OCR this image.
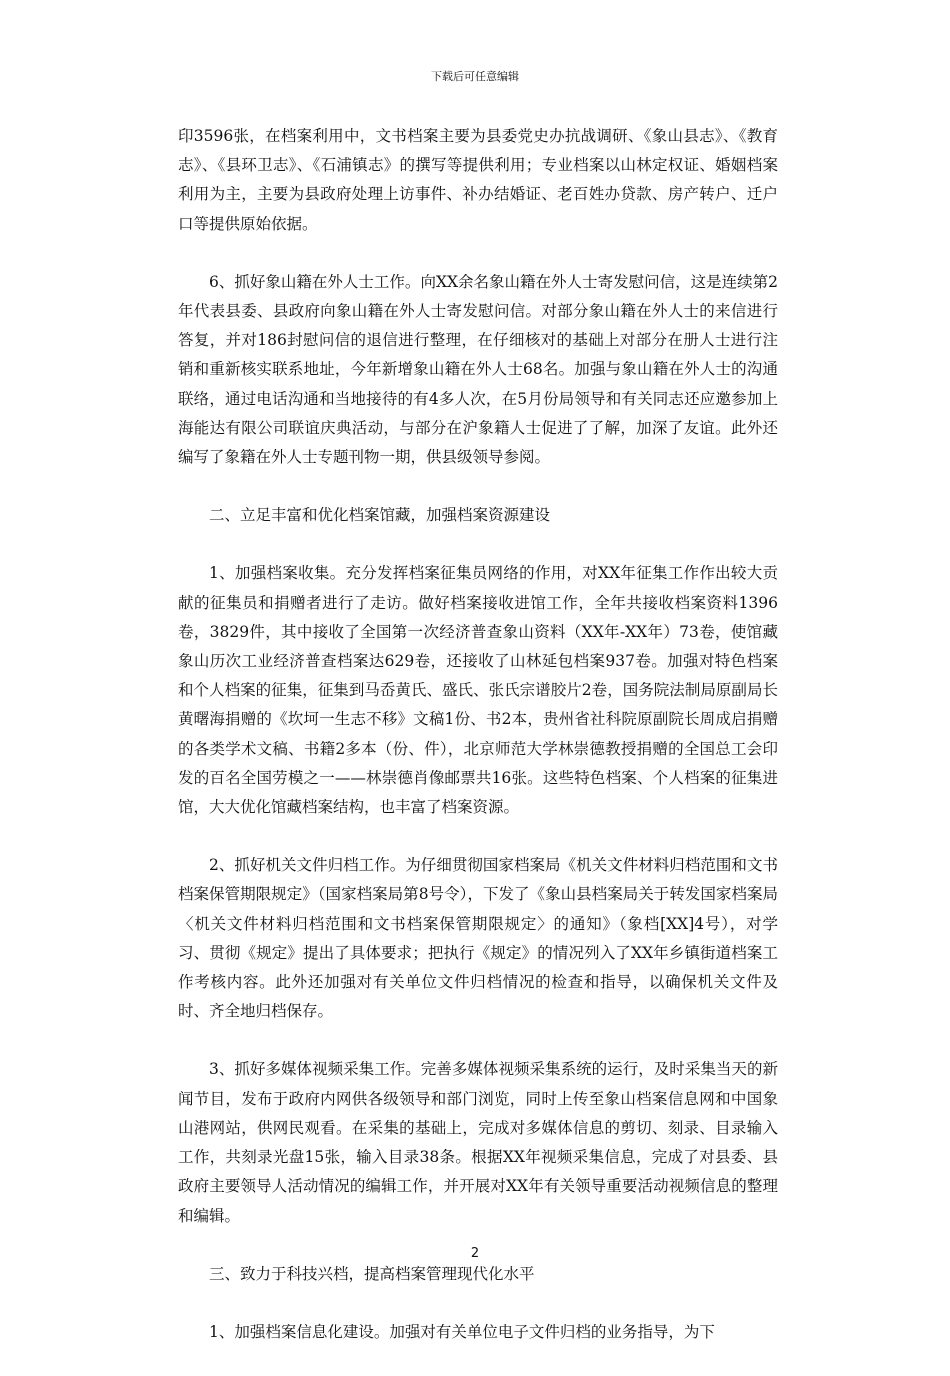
下载后可任意编辑

印3596张，在档案利用中，文书档案主要为县委党史办抗战调研、《象山县志》、《教育志》、《县环卫志》、《石浦镇志》的撰写等提供利用；专业档案以山林定权证、婚姻档案利用为主，主要为县政府处理上访事件、补办结婚证、老百姓办贷款、房产转户、迁户口等提供原始依据。

6、抓好象山籍在外人士工作。向XX余名象山籍在外人士寄发慰问信，这是连续第2年代表县委、县政府向象山籍在外人士寄发慰问信。对部分象山籍在外人士的来信进行答复，并对186封慰问信的退信进行整理，在仔细核对的基础上对部分在册人士进行注销和重新核实联系地址，今年新增象山籍在外人士68名。加强与象山籍在外人士的沟通联络，通过电话沟通和当地接待的有4多人次，在5月份局领导和有关同志还应邀参加上海能达有限公司联谊庆典活动，与部分在沪象籍人士促进了了解，加深了友谊。此外还编写了象籍在外人士专题刊物一期，供县级领导参阅。

二、立足丰富和优化档案馆藏，加强档案资源建设

1、加强档案收集。充分发挥档案征集员网络的作用，对XX年征集工作作出较大贡献的征集员和捐赠者进行了走访。做好档案接收进馆工作，全年共接收档案资料1396卷，3829件，其中接收了全国第一次经济普查象山资料（XX年-XX年）73卷，使馆藏象山历次工业经济普查档案达629卷，还接收了山林延包档案937卷。加强对特色档案和个人档案的征集，征集到马岙黄氏、盛氏、张氏宗谱胶片2卷，国务院法制局原副局长黄曙海捐赠的《坎坷一生志不移》文稿1份、书2本，贵州省社科院原副院长周成启捐赠的各类学术文稿、书籍2多本（份、件），北京师范大学林崇德教授捐赠的全国总工会印发的百名全国劳模之一——林崇德肖像邮票共16张。这些特色档案、个人档案的征集进馆，大大优化馆藏档案结构，也丰富了档案资源。

2、抓好机关文件归档工作。为仔细贯彻国家档案局《机关文件材料归档范围和文书档案保管期限规定》（国家档案局第8号令），下发了《象山县档案局关于转发国家档案局〈机关文件材料归档范围和文书档案保管期限规定〉的通知》（象档[XX]4号），对学习、贯彻《规定》提出了具体要求；把执行《规定》的情况列入了XX年乡镇街道档案工作考核内容。此外还加强对有关单位文件归档情况的检查和指导，以确保机关文件及时、齐全地归档保存。

3、抓好多媒体视频采集工作。完善多媒体视频采集系统的运行，及时采集当天的新闻节目，发布于政府内网供各级领导和部门浏览，同时上传至象山档案信息网和中国象山港网站，供网民观看。在采集的基础上，完成对多媒体信息的剪切、刻录、目录输入工作，共刻录光盘15张，输入目录38条。根据XX年视频采集信息，完成了对县委、县政府主要领导人活动情况的编辑工作，并开展对XX年有关领导重要活动视频信息的整理和编辑。

三、致力于科技兴档，提高档案管理现代化水平

1、加强档案信息化建设。加强对有关单位电子文件归档的业务指导，为下

2
